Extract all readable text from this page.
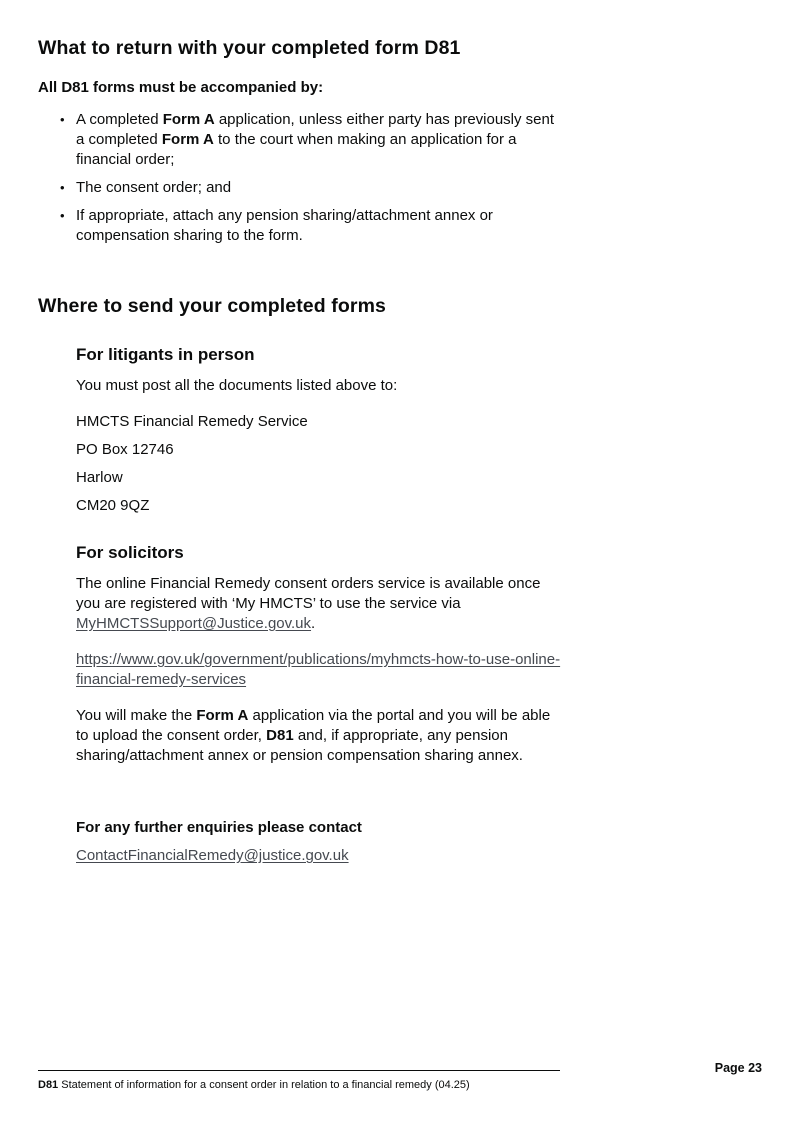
What to return with your completed form D81
All D81 forms must be accompanied by:
• A completed Form A application, unless either party has previously sent a completed Form A to the court when making an application for a financial order;
• The consent order; and
• If appropriate, attach any pension sharing/attachment annex or compensation sharing to the form.
Where to send your completed forms
For litigants in person

You must post all the documents listed above to:

HMCTS Financial Remedy Service
PO Box 12746
Harlow
CM20 9QZ
For solicitors

The online Financial Remedy consent orders service is available once you are registered with ‘My HMCTS’ to use the service via MyHMCTSSupport@Justice.gov.uk.

https://www.gov.uk/government/publications/myhmcts-how-to-use-online-financial-remedy-services

You will make the Form A application via the portal and you will be able to upload the consent order, D81 and, if appropriate, any pension sharing/attachment annex or pension compensation sharing annex.

For any further enquiries please contact
ContactFinancialRemedy@justice.gov.uk
Page 23
D81 Statement of information for a consent order in relation to a financial remedy (04.25)
